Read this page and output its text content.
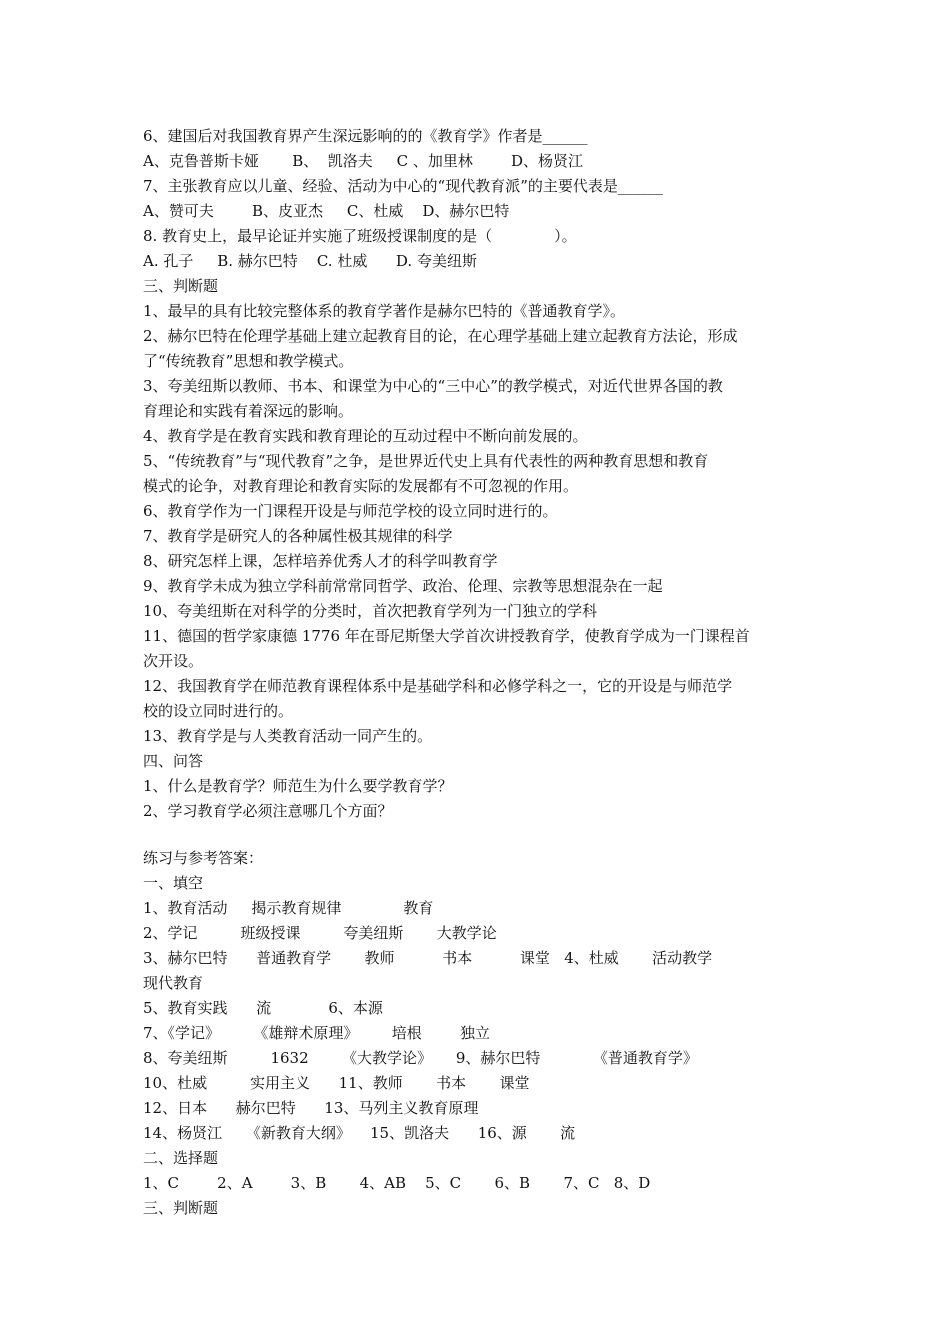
6、建国后对我国教育界产生深远影响的的《教育学》作者是______
A、克鲁普斯卡娅       B、  凯洛夫     C 、加里林        D、杨贤江
7、主张教育应以儿童、经验、活动为中心的“现代教育派”的主要代表是______
A、赞可夫        B、皮亚杰     C、杜威    D、赫尔巴特
8. 教育史上，最早论证并实施了班级授课制度的是（             ）。
A. 孔子     B. 赫尔巴特    C. 杜威      D. 夸美纽斯
三、判断题
1、最早的具有比较完整体系的教育学著作是赫尔巴特的《普通教育学》。
2、赫尔巴特在伦理学基础上建立起教育目的论，在心理学基础上建立起教育方法论，形成
了“传统教育”思想和教学模式。
3、夸美纽斯以教师、书本、和课堂为中心的“三中心”的教学模式，对近代世界各国的教
育理论和实践有着深远的影响。
4、教育学是在教育实践和教育理论的互动过程中不断向前发展的。
5、“传统教育”与“现代教育”之争，是世界近代史上具有代表性的两种教育思想和教育
模式的论争，对教育理论和教育实际的发展都有不可忽视的作用。
6、教育学作为一门课程开设是与师范学校的设立同时进行的。
7、教育学是研究人的各种属性极其规律的科学
8、研究怎样上课，怎样培养优秀人才的科学叫教育学
9、教育学未成为独立学科前常常同哲学、政治、伦理、宗教等思想混杂在一起
10、夸美纽斯在对科学的分类时，首次把教育学列为一门独立的学科
11、德国的哲学家康德 1776 年在哥尼斯堡大学首次讲授教育学，使教育学成为一门课程首
次开设。
12、我国教育学在师范教育课程体系中是基础学科和必修学科之一，它的开设是与师范学
校的设立同时进行的。
13、教育学是与人类教育活动一同产生的。
四、问答
1、什么是教育学？师范生为什么要学教育学？
2、学习教育学必须注意哪几个方面？
练习与参考答案：
一、填空
1、教育活动     揭示教育规律             教育
2、学记         班级授课         夸美纽斯       大教学论
3、赫尔巴特      普通教育学       教师          书本          课堂   4、杜威       活动教学
现代教育
5、教育实践      流            6、本源
7、《学记》       《雄辩术原理》       培根        独立
8、夸美纽斯         1632       《大教学论》     9、赫尔巴特           《普通教育学》
10、杜威         实用主义      11、教师       书本       课堂
12、日本      赫尔巴特      13、马列主义教育原理
14、杨贤江     《新教育大纲》    15、凯洛夫      16、源       流
二、选择题
1、C        2、A        3、B       4、AB    5、C       6、B       7、C   8、D
三、判断题
